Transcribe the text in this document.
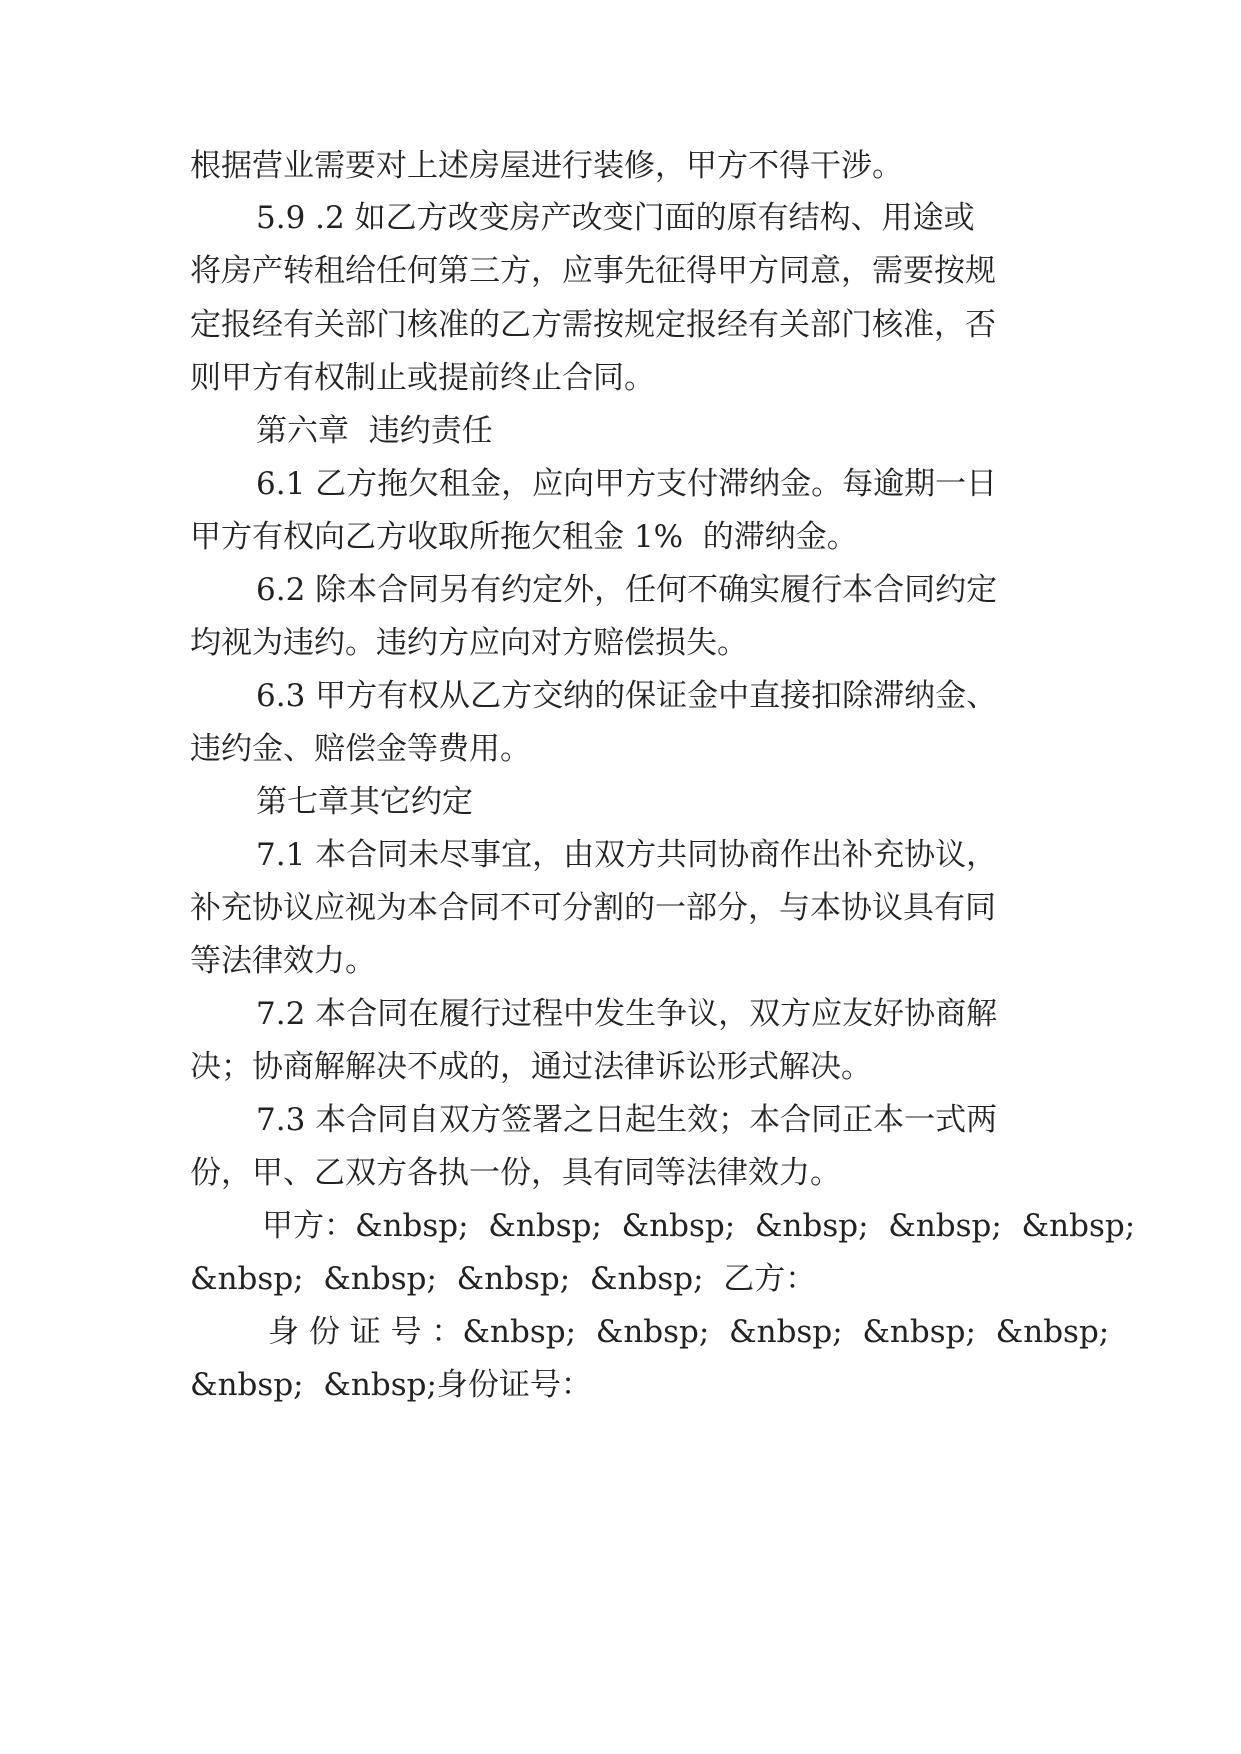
根据营业需要对上述房屋进行装修，甲方不得干涉。
5.9 .2 如乙方改变房产改变门面的原有结构、用途或
将房产转租给任何第三方，应事先征得甲方同意，需要按规
定报经有关部门核准的乙方需按规定报经有关部门核准，否
则甲方有权制止或提前终止合同。
第六章  违约责任
6.1 乙方拖欠租金，应向甲方支付滞纳金。每逾期一日
甲方有权向乙方收取所拖欠租金 1%  的滞纳金。
6.2 除本合同另有约定外，任何不确实履行本合同约定
均视为违约。违约方应向对方赔偿损失。
6.3 甲方有权从乙方交纳的保证金中直接扣除滞纳金、
违约金、赔偿金等费用。
第七章其它约定
7.1 本合同未尽事宜，由双方共同协商作出补充协议，
补充协议应视为本合同不可分割的一部分，与本协议具有同
等法律效力。
7.2 本合同在履行过程中发生争议，双方应友好协商解
决；协商解解决不成的，通过法律诉讼形式解决。
7.3 本合同自双方签署之日起生效；本合同正本一式两
份，甲、乙双方各执一份，具有同等法律效力。
甲方：&nbsp;  &nbsp;  &nbsp;  &nbsp;  &nbsp;  &nbsp;
&nbsp;  &nbsp;  &nbsp;  &nbsp;  乙方：
身 份 证 号 ：&nbsp;  &nbsp;  &nbsp;  &nbsp;  &nbsp;
&nbsp;  &nbsp;身份证号：
